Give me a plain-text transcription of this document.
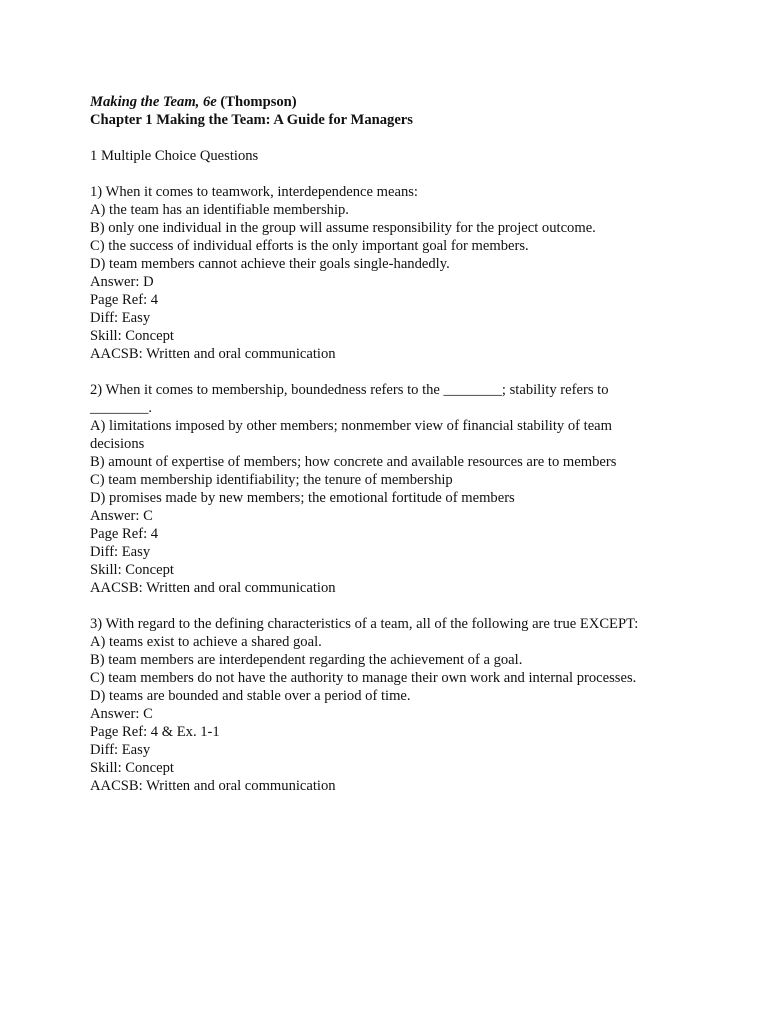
Making the Team, 6e (Thompson)
Chapter 1 Making the Team: A Guide for Managers
1 Multiple Choice Questions
1) When it comes to teamwork, interdependence means:
A) the team has an identifiable membership.
B) only one individual in the group will assume responsibility for the project outcome.
C) the success of individual efforts is the only important goal for members.
D) team members cannot achieve their goals single-handedly.
Answer: D
Page Ref: 4
Diff: Easy
Skill: Concept
AACSB: Written and oral communication
2) When it comes to membership, boundedness refers to the ________; stability refers to ________.
A) limitations imposed by other members; nonmember view of financial stability of team decisions
B) amount of expertise of members; how concrete and available resources are to members
C) team membership identifiability; the tenure of membership
D) promises made by new members; the emotional fortitude of members
Answer: C
Page Ref: 4
Diff: Easy
Skill: Concept
AACSB: Written and oral communication
3) With regard to the defining characteristics of a team, all of the following are true EXCEPT:
A) teams exist to achieve a shared goal.
B) team members are interdependent regarding the achievement of a goal.
C) team members do not have the authority to manage their own work and internal processes.
D) teams are bounded and stable over a period of time.
Answer: C
Page Ref: 4 & Ex. 1-1
Diff: Easy
Skill: Concept
AACSB: Written and oral communication
